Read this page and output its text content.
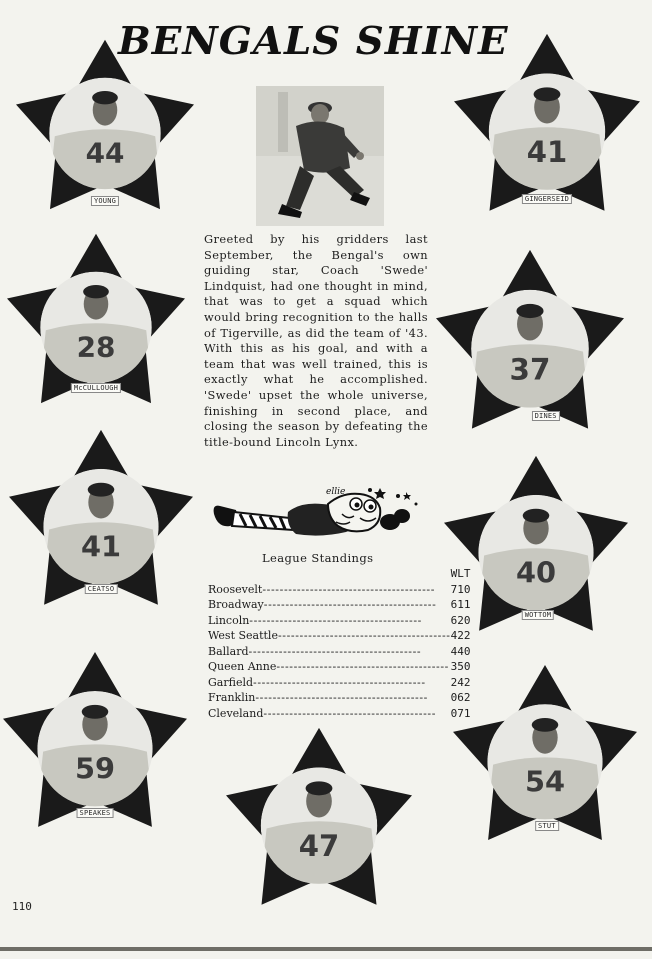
BENGALS SHINE
44
YOUNG
41
GINGERSEID
28
McCULLOUGH
37
DINES
41
CEATSO	40
WOTTOM
59
SPEAKES
47
54
STUT
Greeted by his gridders last September, the Bengal's own guiding star, Coach 'Swede' Lindquist, had one thought in mind, that was to get a squad which would bring recognition to the halls of Tigerville, as did the team of '43. With this as his goal, and with a team that was well trained, this is exactly what he accomplished. 'Swede' upset the whole universe, finishing in second place, and closing the season by defeating the title-bound Lincoln Lynx.
ellie
League Standings
	W	L	T
Roosevelt----------------------------------------	7	1	0
Broadway----------------------------------------	6	1	1
Lincoln----------------------------------------	6	2	0
West Seattle----------------------------------------	4	2	2
Ballard----------------------------------------	4	4	0
Queen Anne----------------------------------------	3	5	0
Garfield----------------------------------------	2	4	2
Franklin----------------------------------------	0	6	2
Cleveland----------------------------------------	0	7	1
110
